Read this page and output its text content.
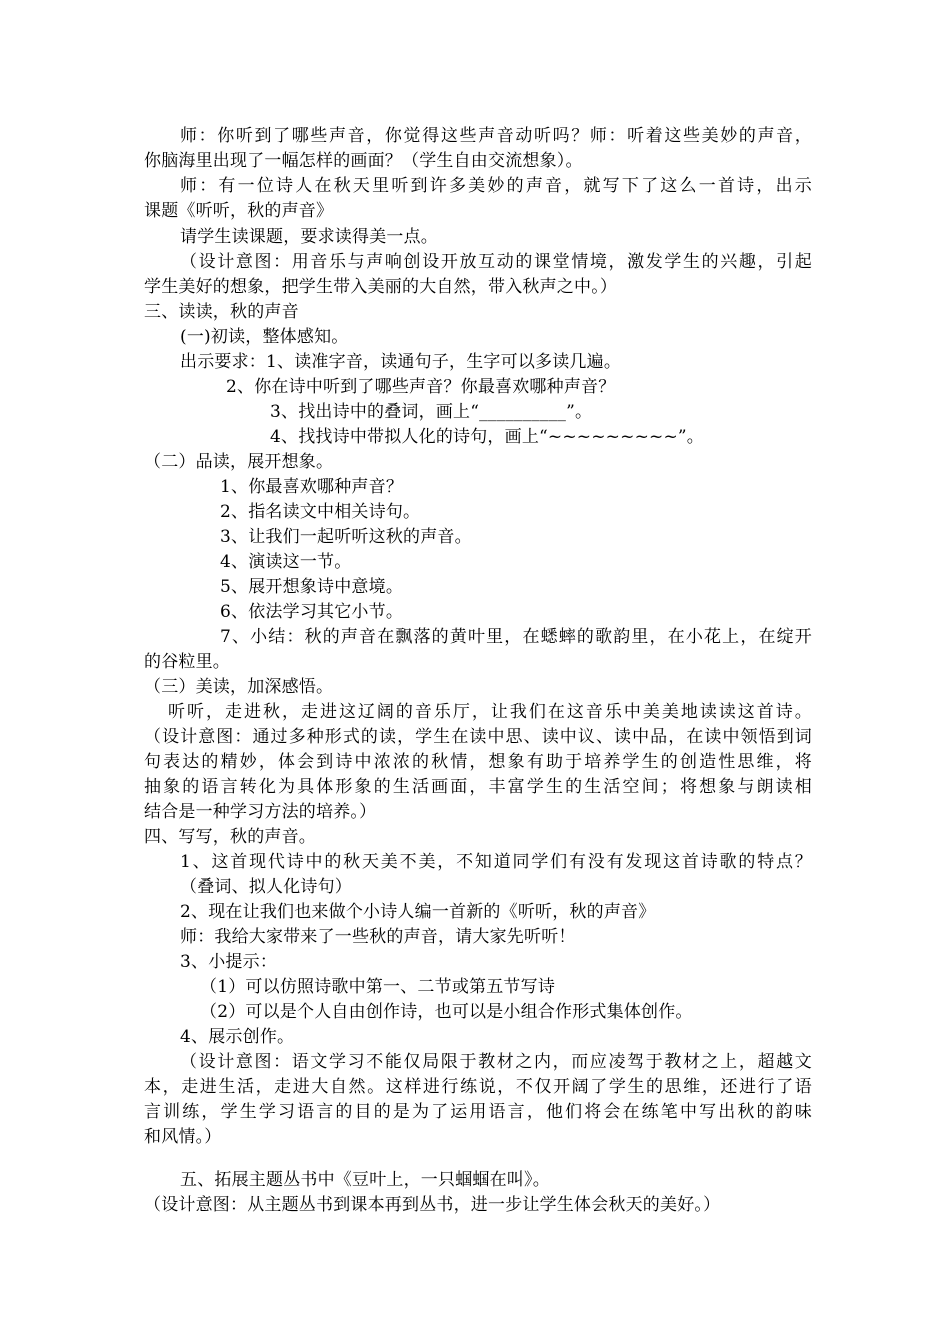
师：你听到了哪些声音，你觉得这些声音动听吗？师：听着这些美妙的声音，
你脑海里出现了一幅怎样的画面？（学生自由交流想象）。
师：有一位诗人在秋天里听到许多美妙的声音，就写下了这么一首诗，出示
课题《听听，秋的声音》
请学生读课题，要求读得美一点。
（设计意图：用音乐与声响创设开放互动的课堂情境，激发学生的兴趣，引起
学生美好的想象，把学生带入美丽的大自然，带入秋声之中。）
三、读读，秋的声音
(一)初读，整体感知。
出示要求：1、读准字音，读通句子，生字可以多读几遍。
2、你在诗中听到了哪些声音？你最喜欢哪种声音？
3、找出诗中的叠词，画上“__________”。
4、找找诗中带拟人化的诗句，画上“~~~~~~~~~”。
（二）品读，展开想象。
1、你最喜欢哪种声音？
2、指名读文中相关诗句。
3、让我们一起听听这秋的声音。
4、演读这一节。
5、展开想象诗中意境。
6、依法学习其它小节。
7、小结：秋的声音在飘落的黄叶里，在蟋蟀的歌韵里，在小花上，在绽开
的谷粒里。
（三）美读，加深感悟。
听听，走进秋，走进这辽阔的音乐厅，让我们在这音乐中美美地读读这首诗。
（设计意图：通过多种形式的读，学生在读中思、读中议、读中品，在读中领悟到词
句表达的精妙，体会到诗中浓浓的秋情，想象有助于培养学生的创造性思维，将
抽象的语言转化为具体形象的生活画面，丰富学生的生活空间；将想象与朗读相
结合是一种学习方法的培养。）
四、写写，秋的声音。
1、这首现代诗中的秋天美不美，不知道同学们有没有发现这首诗歌的特点？
（叠词、拟人化诗句）
2、现在让我们也来做个小诗人编一首新的《听听，秋的声音》
师：我给大家带来了一些秋的声音，请大家先听听！
3、小提示：
（1）可以仿照诗歌中第一、二节或第五节写诗
（2）可以是个人自由创作诗，也可以是小组合作形式集体创作。
4、展示创作。
（设计意图：语文学习不能仅局限于教材之内，而应凌驾于教材之上，超越文
本，走进生活，走进大自然。这样进行练说，不仅开阔了学生的思维，还进行了语
言训练，学生学习语言的目的是为了运用语言，他们将会在练笔中写出秋的韵味
和风情。）
五、拓展主题丛书中《豆叶上，一只蝈蝈在叫》。
（设计意图：从主题丛书到课本再到丛书，进一步让学生体会秋天的美好。）
